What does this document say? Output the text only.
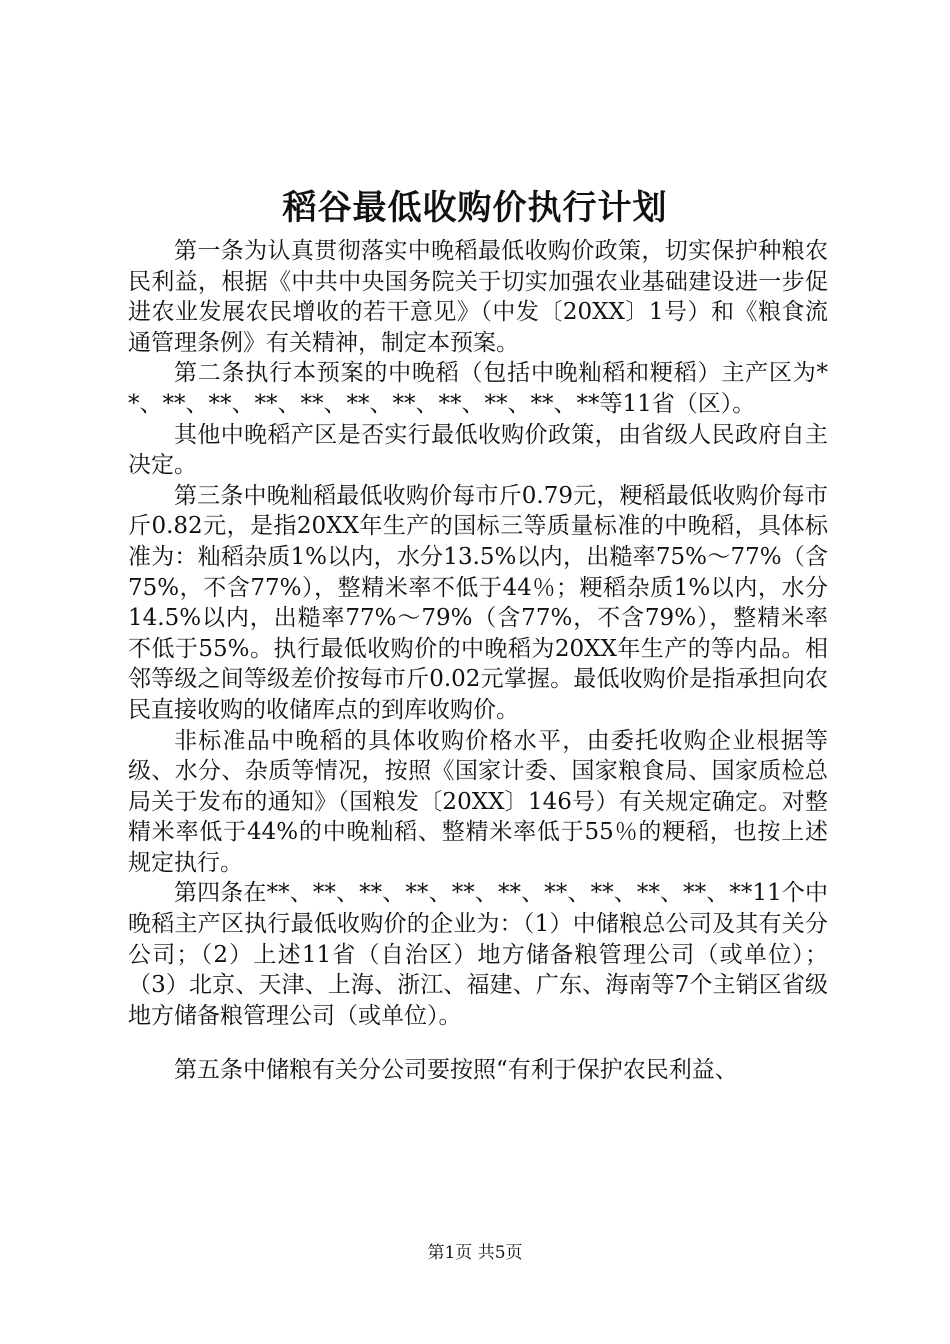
稻谷最低收购价执行计划

第一条为认真贯彻落实中晚稻最低收购价政策，切实保护种粮农民利益，根据《中共中央国务院关于切实加强农业基础建设进一步促进农业发展农民增收的若干意见》（中发〔20XX〕1号）和《粮食流通管理条例》有关精神，制定本预案。

第二条执行本预案的中晚稻（包括中晚籼稻和粳稻）主产区为**、**、**、**、**、**、**、**、**、**、**等11省（区）。

其他中晚稻产区是否实行最低收购价政策，由省级人民政府自主决定。

第三条中晚籼稻最低收购价每市斤0.79元，粳稻最低收购价每市斤0.82元，是指20XX年生产的国标三等质量标准的中晚稻，具体标准为：籼稻杂质1%以内，水分13.5%以内，出糙率75%～77%（含75%，不含77%），整精米率不低于44％；粳稻杂质1%以内，水分14.5%以内，出糙率77%～79%（含77%，不含79%），整精米率不低于55%。执行最低收购价的中晚稻为20XX年生产的等内品。相邻等级之间等级差价按每市斤0.02元掌握。最低收购价是指承担向农民直接收购的收储库点的到库收购价。

非标准品中晚稻的具体收购价格水平，由委托收购企业根据等级、水分、杂质等情况，按照《国家计委、国家粮食局、国家质检总局关于发布的通知》（国粮发〔20XX〕146号）有关规定确定。对整精米率低于44%的中晚籼稻、整精米率低于55％的粳稻，也按上述规定执行。

第四条在**、**、**、**、**、**、**、**、**、**、**11个中晚稻主产区执行最低收购价的企业为：（1）中储粮总公司及其有关分公司；（2）上述11省（自治区）地方储备粮管理公司（或单位）；（3）北京、天津、上海、浙江、福建、广东、海南等7个主销区省级地方储备粮管理公司（或单位）。

第五条中储粮有关分公司要按照“有利于保护农民利益、

第1页 共5页
